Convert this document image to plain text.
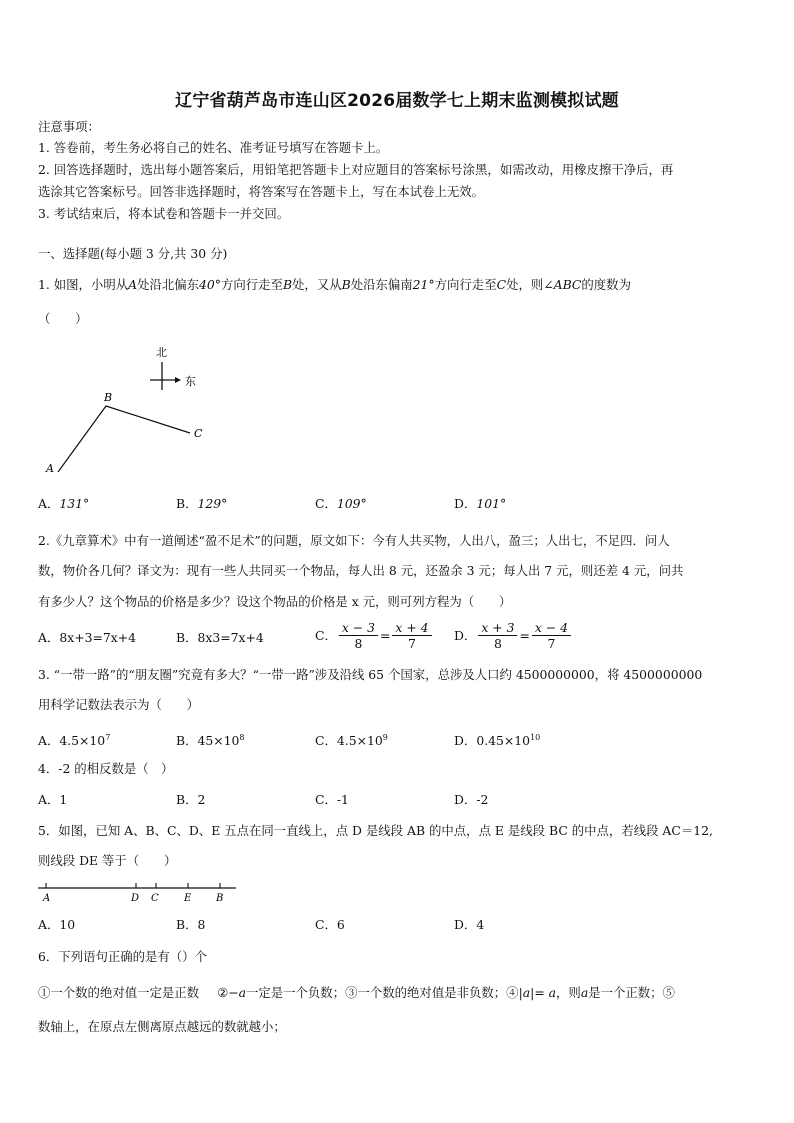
辽宁省葫芦岛市连山区2026届数学七上期末监测模拟试题
注意事项：
1. 答卷前，考生务必将自己的姓名、准考证号填写在答题卡上。
2. 回答选择题时，选出每小题答案后，用铅笔把答题卡上对应题目的答案标号涂黑，如需改动，用橡皮擦干净后，再
选涂其它答案标号。回答非选择题时，将答案写在答题卡上，写在本试卷上无效。
3. 考试结束后，将本试卷和答题卡一并交回。
一、选择题(每小题 3 分,共 30 分)
1. 如图，小明从A处沿北偏东40°方向行走至B处，又从B处沿东偏南21°方向行走至C处，则∠ABC的度数为
（　　）
北
东
A
B
C
A．131°	B．129°	C．109°	D．101°
2.《九章算术》中有一道阐述“盈不足术”的问题，原文如下：今有人共买物，人出八，盈三；人出七，不足四．问人
数，物价各几何？译文为：现有一些人共同买一个物品，每人出 8 元，还盈余 3 元；每人出 7 元，则还差 4 元，问共
有多少人？这个物品的价格是多少？设这个物品的价格是 x 元，则可列方程为（　　）
A．8x+3=7x+4	B．8x3=7x+4	C． $\frac{x - 3}{8} = \frac{x + 4}{7}$ D． $\frac{x + 3}{8} = \frac{x - 4}{7}$
3. “一带一路”的“朋友圈”究竟有多大？“一带一路”涉及沿线 65 个国家，总涉及人口约 4500000000，将 4500000000
用科学记数法表示为（　　）
A．$4.5\times 10^7$	B．$45\times 10^8$	C．$4.5\times 10^9$	D．$0.45\times 10^{10}$
4．-2 的相反数是（　）
A．1	B．2	C．-1	D．-2
5．如图，已知 A、B、C、D、E 五点在同一直线上，点 D 是线段 AB 的中点，点 E 是线段 BC 的中点，若线段 AC＝12,
则线段 DE 等于（　　）
A	D C	E B
A．10	B．8	C．6	D．4
6．下列语句正确的是有（）个
①一个数的绝对值一定是正数 ②−a一定是一个负数；③一个数的绝对值是非负数；④|a|= a，则a是一个正数；⑤
数轴上，在原点左侧离原点越远的数就越小；
